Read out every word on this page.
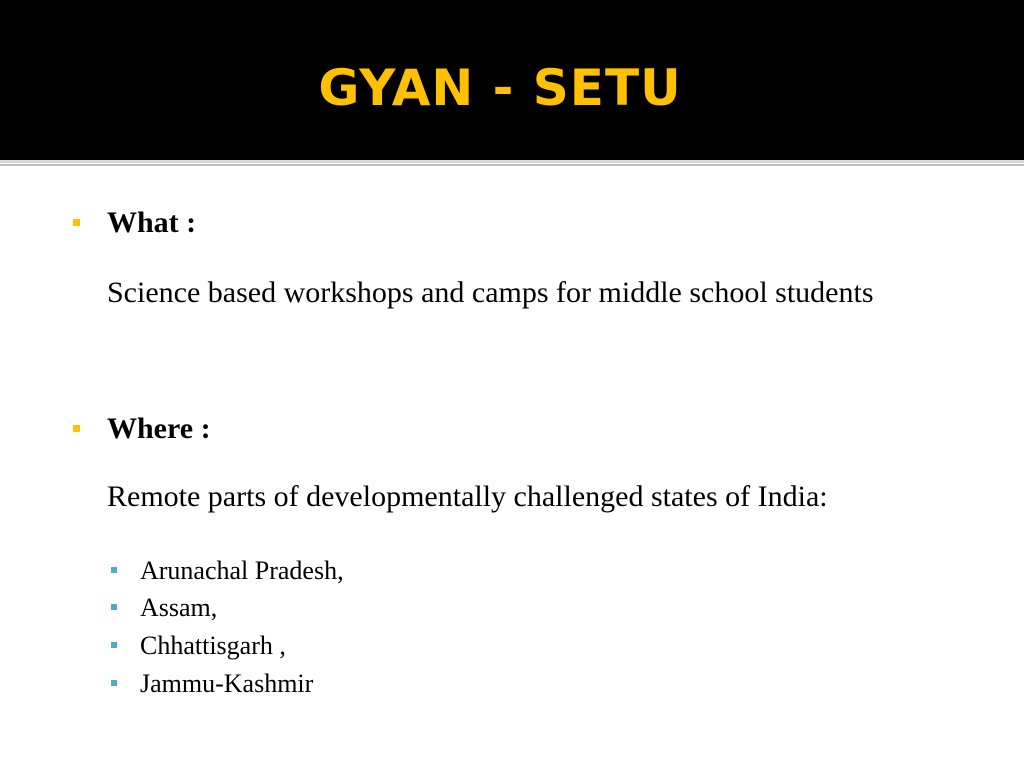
GYAN - SETU
What :
Science based workshops and camps for middle school students
Where :
Remote parts of developmentally challenged states of India:
Arunachal Pradesh,
Assam,
Chhattisgarh ,
Jammu-Kashmir
